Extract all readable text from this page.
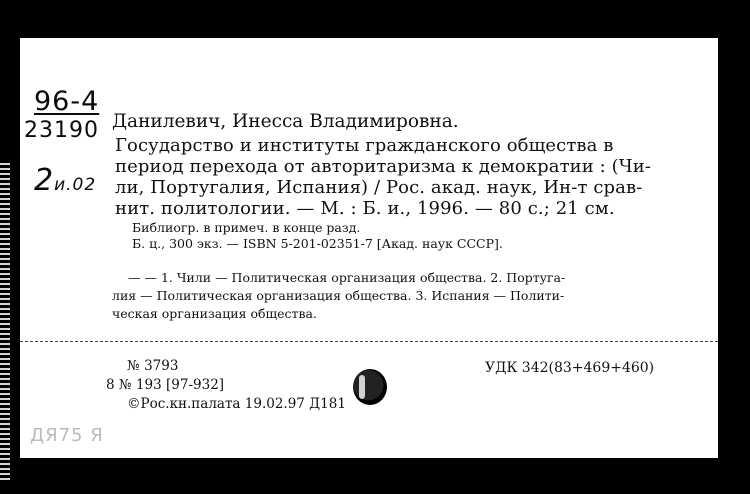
96-4
23190
2и.02
Данилевич, Инесса Владимировна.
Государство и институты гражданского общества в
период перехода от авторитаризма к демократии : (Чи-
ли, Португалия, Испания) / Рос. акад. наук, Ин-т срав-
нит. политологии. — М. : Б. и., 1996. — 80 с.; 21 см.
Библиогр. в примеч. в конце разд.
Б. ц., 300 экз. — ISBN 5-201-02351-7 [Акад. наук СССР].
— — 1. Чили — Политическая организация общества. 2. Португа-
лия — Политическая организация общества. 3. Испания — Полити-
ческая организация общества.
№ 3793
8 № 193 [97-932]
©Рос.кн.палата 19.02.97 Д181
УДК 342(83+469+460)
ДЯ75 Я
